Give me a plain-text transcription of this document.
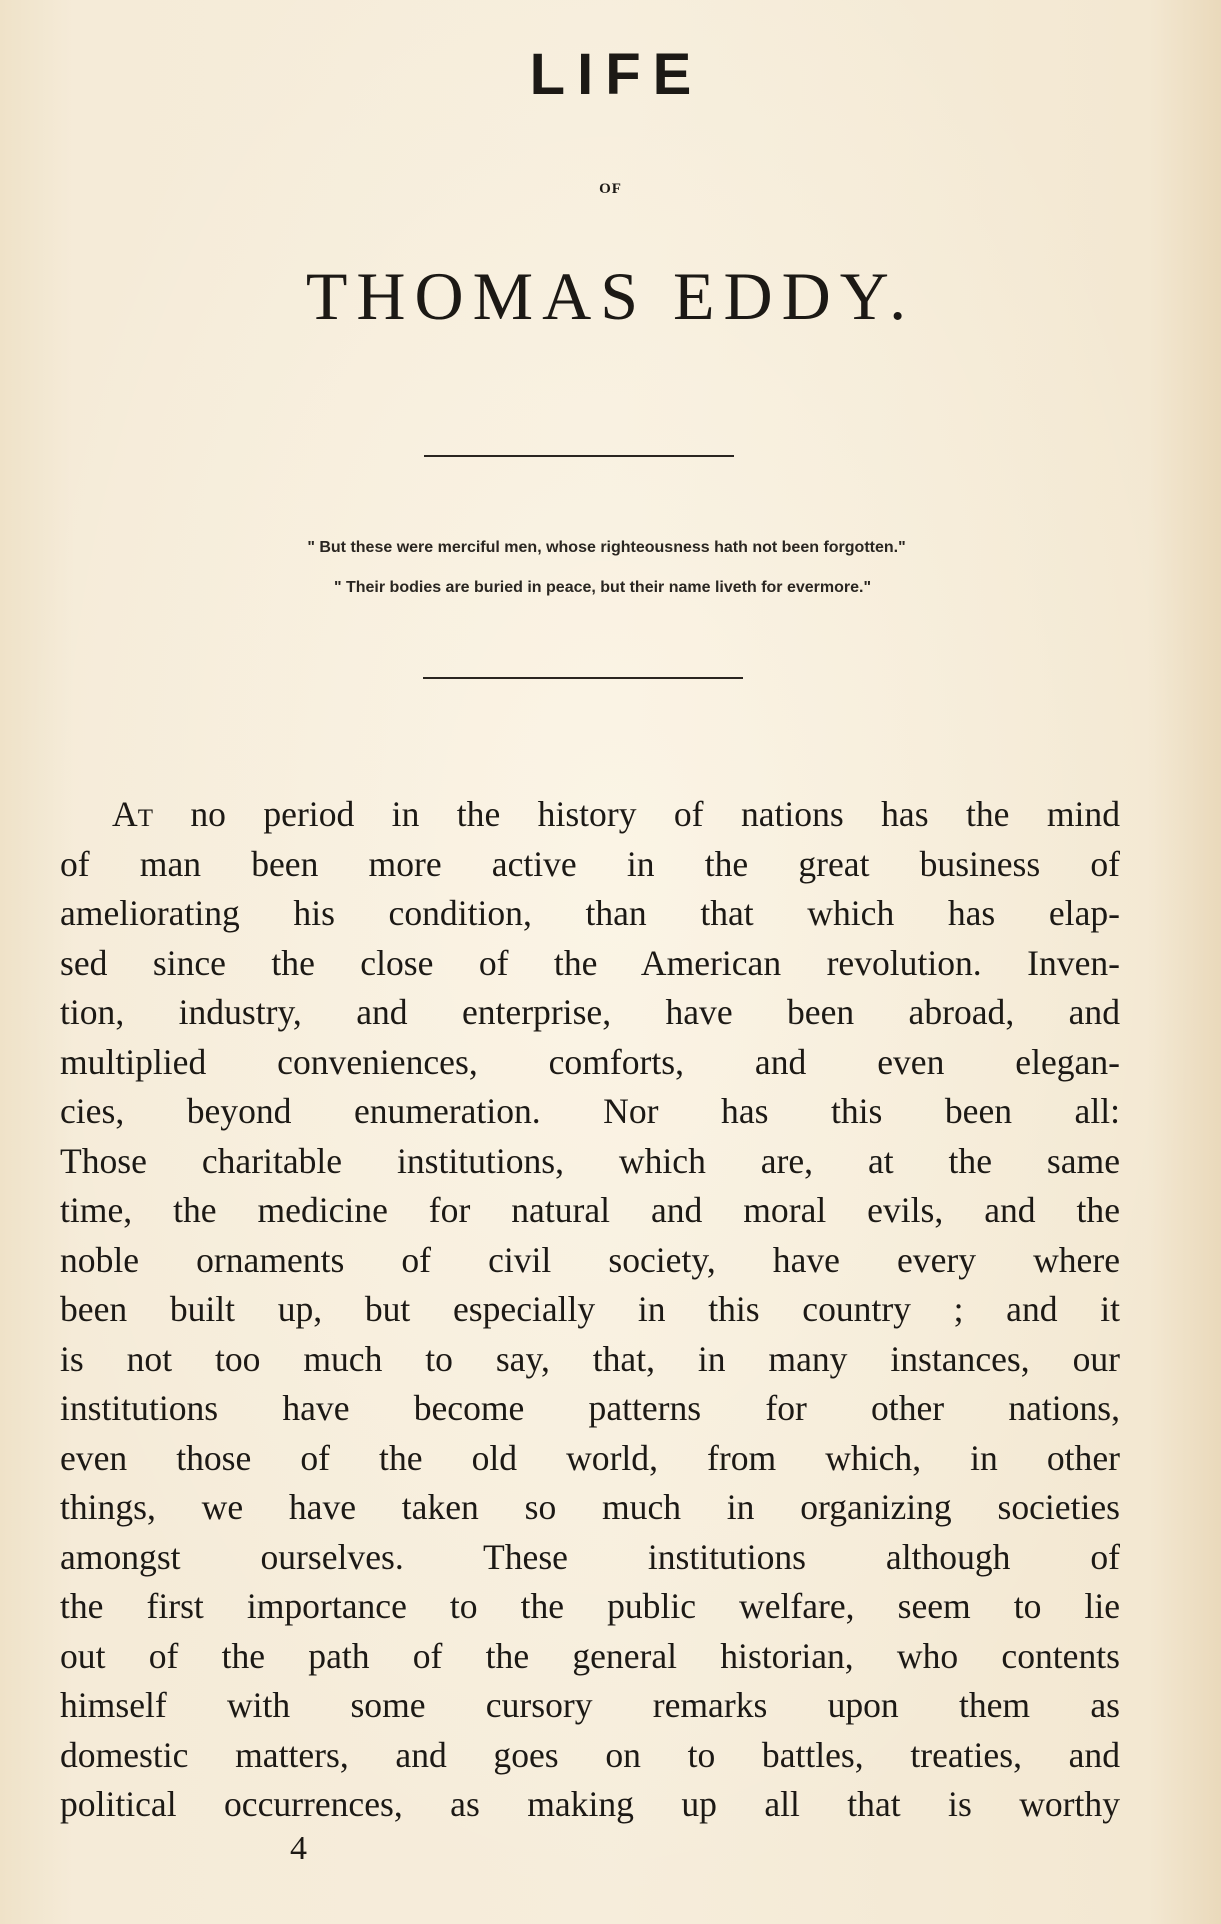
LIFE
OF
THOMAS EDDY.
" But these were merciful men, whose righteousness hath not been forgotten."
" Their bodies are buried in peace, but their name liveth for evermore."
At no period in the history of nations has the mind
of man been more active in the great business of
ameliorating his condition, than that which has elap-
sed since the close of the American revolution. Inven-
tion, industry, and enterprise, have been abroad, and
multiplied conveniences, comforts, and even elegan-
cies, beyond enumeration. Nor has this been all:
Those charitable institutions, which are, at the same
time, the medicine for natural and moral evils, and the
noble ornaments of civil society, have every where
been built up, but especially in this country ; and it
is not too much to say, that, in many instances, our
institutions have become patterns for other nations,
even those of the old world, from which, in other
things, we have taken so much in organizing societies
amongst ourselves. These institutions although of
the first importance to the public welfare, seem to lie
out of the path of the general historian, who contents
himself with some cursory remarks upon them as
domestic matters, and goes on to battles, treaties, and
political occurrences, as making up all that is worthy
4
